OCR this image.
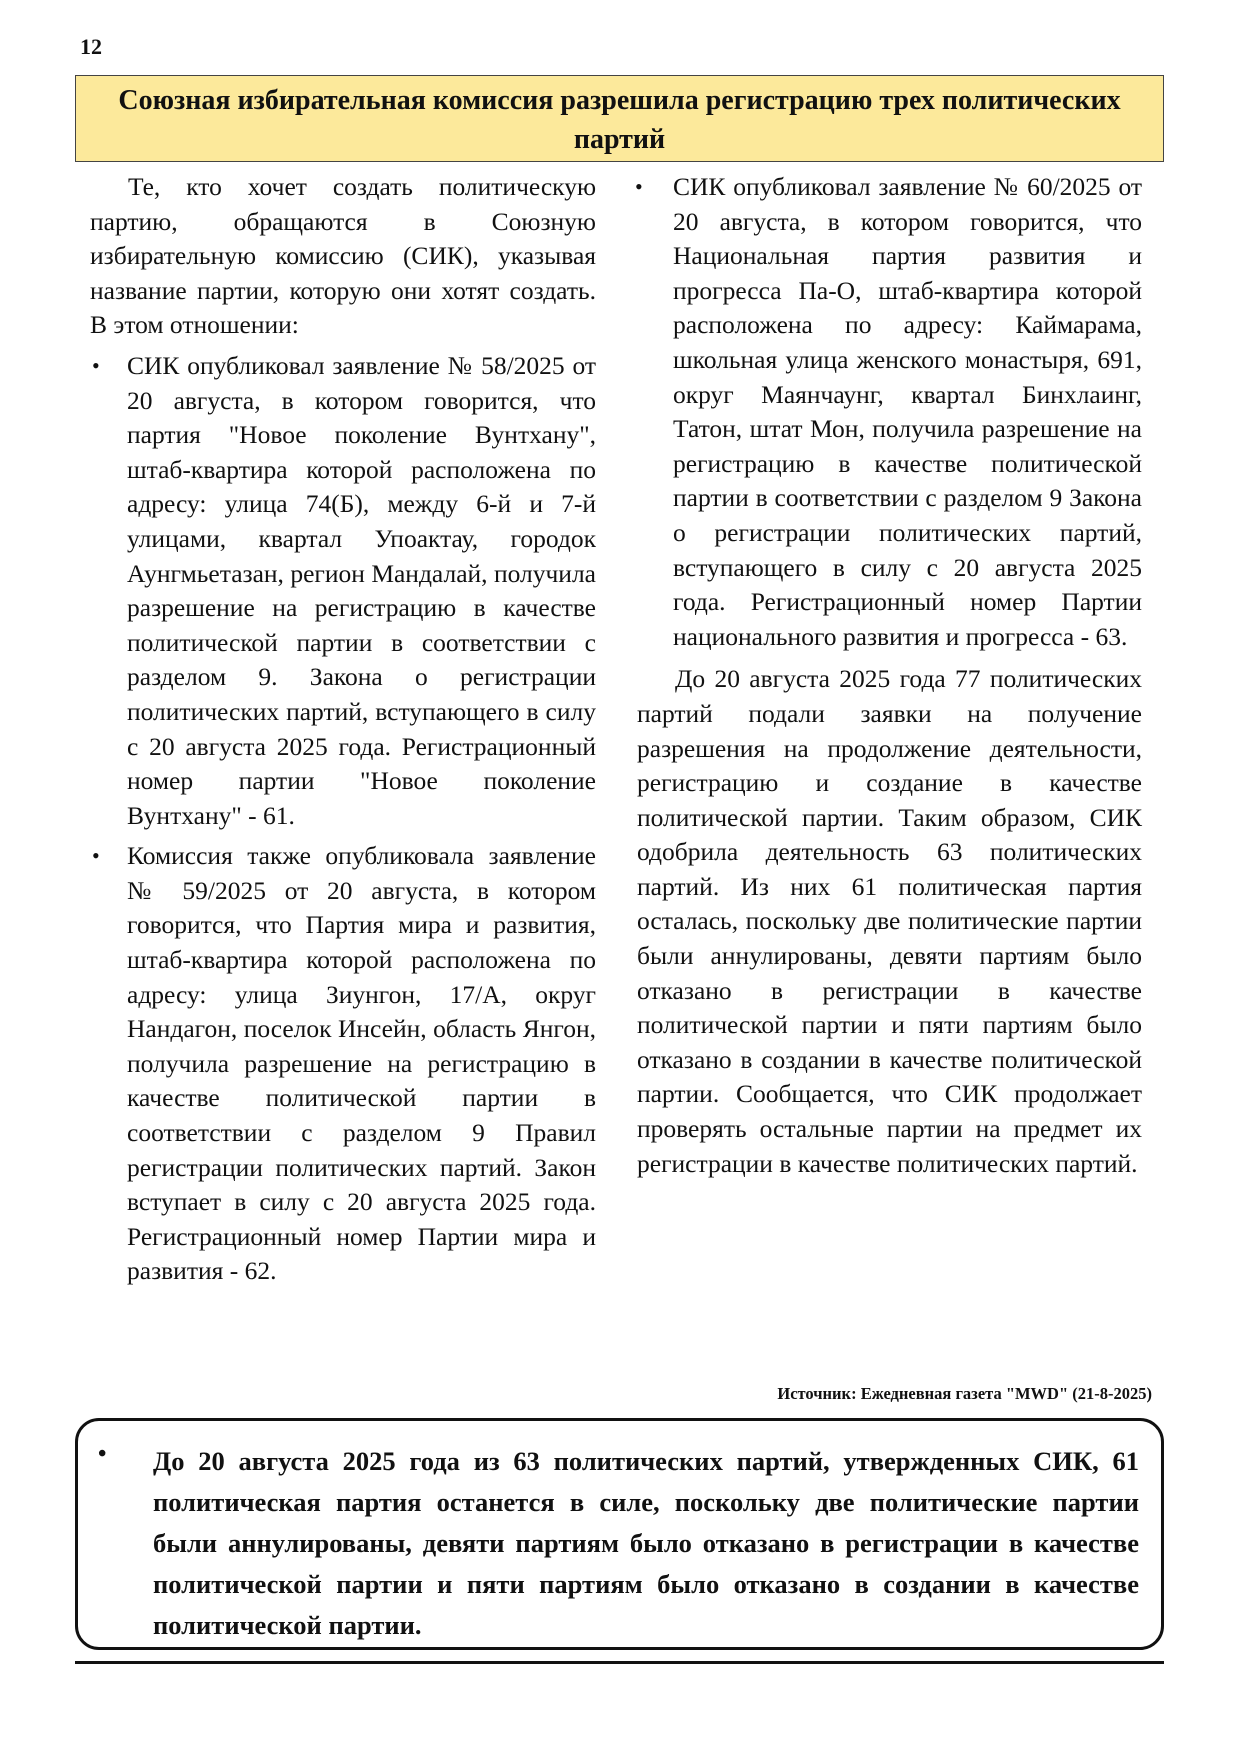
12
Союзная избирательная комиссия разрешила регистрацию трех политических партий

Те, кто хочет создать политическую партию, обращаются в Союзную избирательную комиссию (СИК), указывая название партии, которую они хотят создать. В этом отношении:

• СИК опубликовал заявление № 58/2025 от 20 августа, в котором говорится, что партия "Новое поколение Вунтхану", штаб-квартира которой расположена по адресу: улица 74(Б), между 6-й и 7-й улицами, квартал Упоактау, городок Аунгмьетазан, регион Мандалай, получила разрешение на регистрацию в качестве политической партии в соответствии с разделом 9. Закона о регистрации политических партий, вступающего в силу с 20 августа 2025 года. Регистрационный номер партии "Новое поколение Вунтхану" - 61.
• Комиссия также опубликовала заявление № 59/2025 от 20 августа, в котором говорится, что Партия мира и развития, штаб-квартира которой расположена по адресу: улица Зиунгон, 17/А, округ Нандагон, поселок Инсейн, область Янгон, получила разрешение на регистрацию в качестве политической партии в соответствии с разделом 9 Правил регистрации политических партий. Закон вступает в силу с 20 августа 2025 года. Регистрационный номер Партии мира и развития - 62.
• СИК опубликовал заявление № 60/2025 от 20 августа, в котором говорится, что Национальная партия развития и прогресса Па-О, штаб-квартира которой расположена по адресу: Каймарама, школьная улица женского монастыря, 691, округ Маянчаунг, квартал Бинхлаинг, Татон, штат Мон, получила разрешение на регистрацию в качестве политической партии в соответствии с разделом 9 Закона о регистрации политических партий, вступающего в силу с 20 августа 2025 года. Регистрационный номер Партии национального развития и прогресса - 63.

До 20 августа 2025 года 77 политических партий подали заявки на получение разрешения на продолжение деятельности, регистрацию и создание в качестве политической партии. Таким образом, СИК одобрила деятельность 63 политических партий. Из них 61 политическая партия осталась, поскольку две политические партии были аннулированы, девяти партиям было отказано в регистрации в качестве политической партии и пяти партиям было отказано в создании в качестве политической партии. Сообщается, что СИК продолжает проверять остальные партии на предмет их регистрации в качестве политических партий.

Источник: Ежедневная газета "MWD" (21-8-2025)
• До 20 августа 2025 года из 63 политических партий, утвержденных СИК, 61 политическая партия останется в силе, поскольку две политические партии были аннулированы, девяти партиям было отказано в регистрации в качестве политической партии и пяти партиям было отказано в создании в качестве политической партии.
